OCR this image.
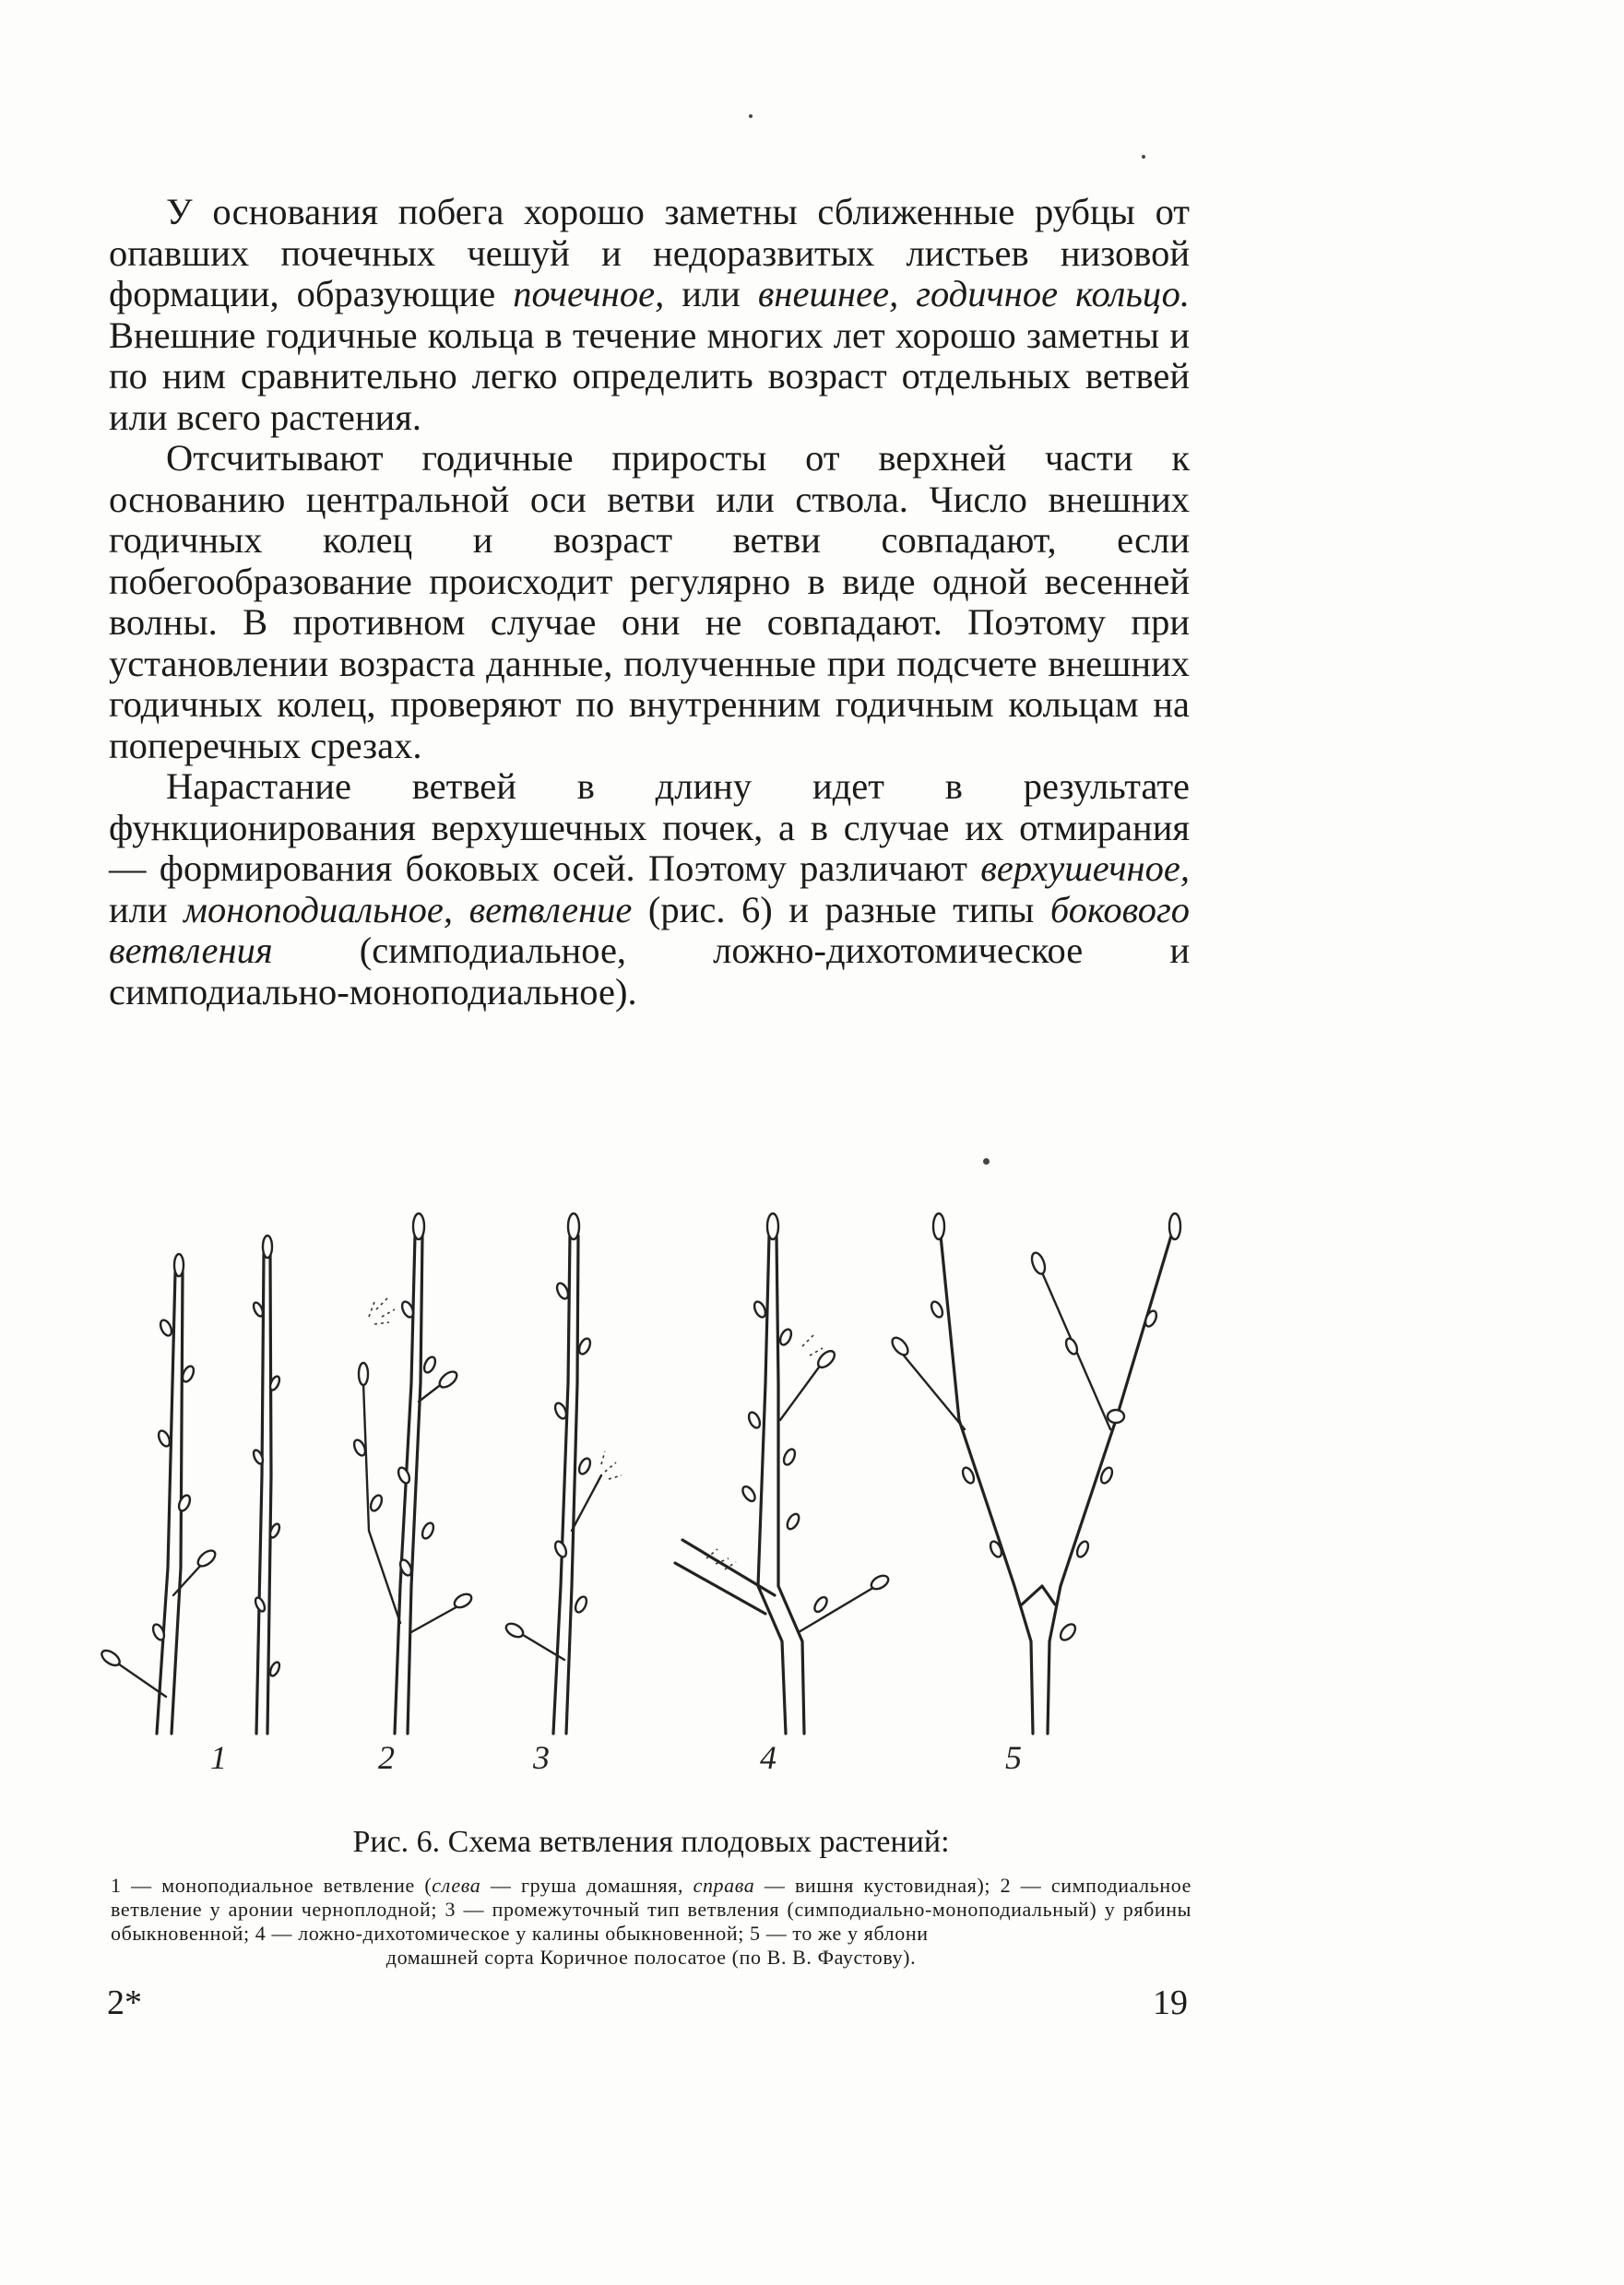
У основания побега хорошо заметны сближенные рубцы от опавших почечных чешуй и недоразвитых листьев низовой формации, образующие почечное, или внешнее, годичное кольцо. Внешние годичные кольца в течение многих лет хорошо заметны и по ним сравнительно легко определить возраст отдельных ветвей или всего растения.

Отсчитывают годичные приросты от верхней части к основанию центральной оси ветви или ствола. Число внешних годичных колец и возраст ветви совпадают, если побегообразование происходит регулярно в виде одной весенней волны. В противном случае они не совпадают. Поэтому при установлении возраста данные, полученные при подсчете внешних годичных колец, проверяют по внутренним годичным кольцам на поперечных срезах.

Нарастание ветвей в длину идет в результате функционирования верхушечных почек, а в случае их отмирания — формирования боковых осей. Поэтому различают верхушечное, или моноподиальное, ветвление (рис. 6) и разные типы бокового ветвления (симподиальное, ложно-дихотомическое и симподиально-моноподиальное).

1	2	3	4	5
Рис. 6. Схема ветвления плодовых растений:
1 — моноподиальное ветвление (слева — груша домашняя, справа — вишня кустовидная); 2 — симподиальное ветвление у аронии черноплодной; 3 — промежуточный тип ветвления (симподиально-моноподиальный) у рябины обыкновенной; 4 — ложно-дихотомическое у калины обыкновенной; 5 — то же у яблони
домашней сорта Коричное полосатое (по В. В. Фаустову).
2*	19
